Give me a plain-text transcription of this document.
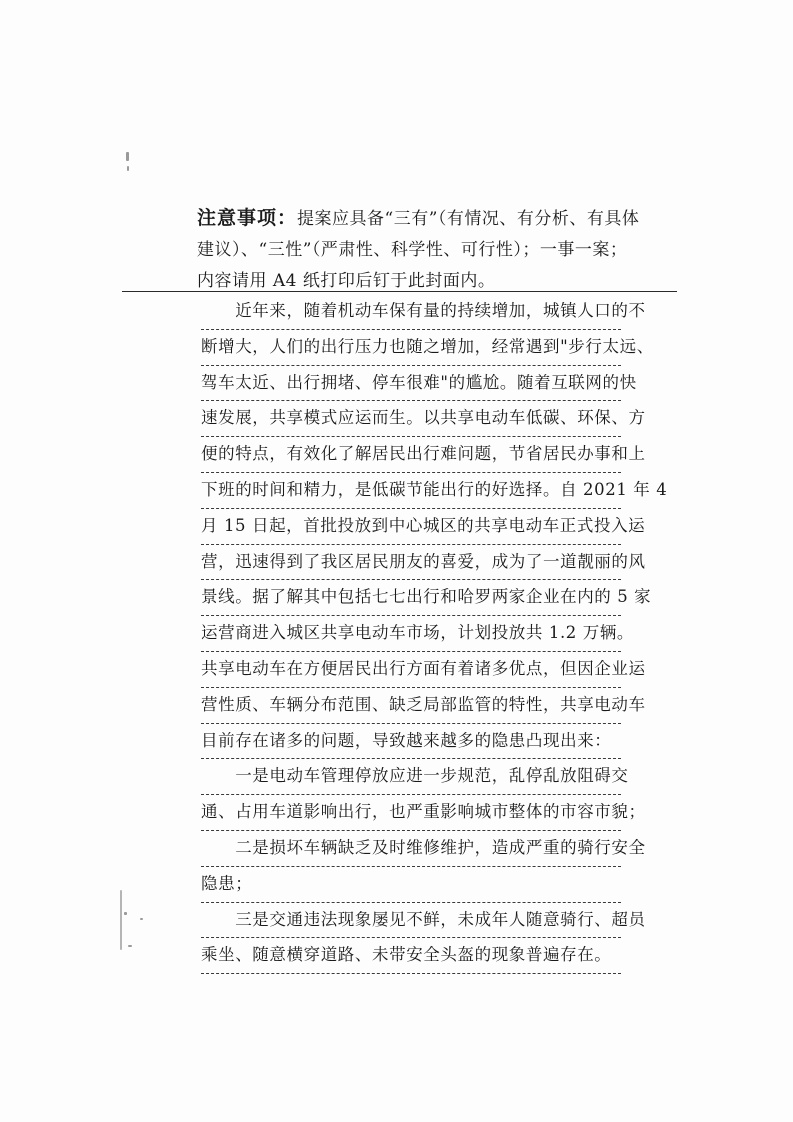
注意事项：提案应具备“三有”（有情况、有分析、有具体
建议）、“三性”（严肃性、科学性、可行性）；一事一案；
内容请用 A4 纸打印后钉于此封面内。
　　近年来，随着机动车保有量的持续增加，城镇人口的不
断增大，人们的出行压力也随之增加，经常遇到"步行太远、
驾车太近、出行拥堵、停车很难"的尴尬。随着互联网的快
速发展，共享模式应运而生。以共享电动车低碳、环保、方
便的特点，有效化了解居民出行难问题，节省居民办事和上
下班的时间和精力，是低碳节能出行的好选择。自 2021 年 4
月 15 日起，首批投放到中心城区的共享电动车正式投入运
营，迅速得到了我区居民朋友的喜爱，成为了一道靓丽的风
景线。据了解其中包括七七出行和哈罗两家企业在内的 5 家
运营商进入城区共享电动车市场，计划投放共 1.2 万辆。
共享电动车在方便居民出行方面有着诸多优点，但因企业运
营性质、车辆分布范围、缺乏局部监管的特性，共享电动车
目前存在诸多的问题，导致越来越多的隐患凸现出来：
　　一是电动车管理停放应进一步规范，乱停乱放阻碍交
通、占用车道影响出行，也严重影响城市整体的市容市貌；
　　二是损坏车辆缺乏及时维修维护，造成严重的骑行安全
隐患；
　　三是交通违法现象屡见不鲜，未成年人随意骑行、超员
乘坐、随意横穿道路、未带安全头盔的现象普遍存在。
